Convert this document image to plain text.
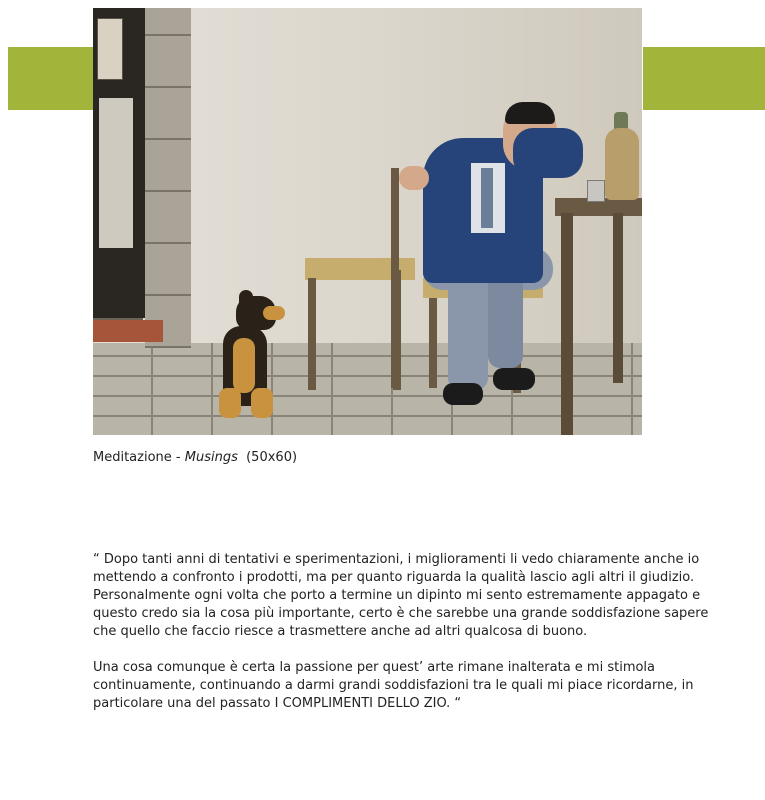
Meditazione - Musings (50x60)

“ Dopo tanti anni di tentativi e sperimentazioni, i miglioramenti li vedo chiaramente anche io mettendo a confronto i prodotti, ma per quanto riguarda la qualità lascio agli altri il giudizio. Personalmente ogni volta che porto a termine un dipinto mi sento estremamente appagato e questo credo sia la cosa più importante, certo è che sarebbe una grande soddisfazione sapere che quello che faccio riesce a trasmettere anche ad altri qualcosa di buono.

Una cosa comunque è certa la passione per quest’ arte rimane inalterata e mi stimola continuamente, continuando a darmi grandi soddisfazioni tra le quali mi piace ricordarne, in particolare una del passato I COMPLIMENTI DELLO ZIO. “
